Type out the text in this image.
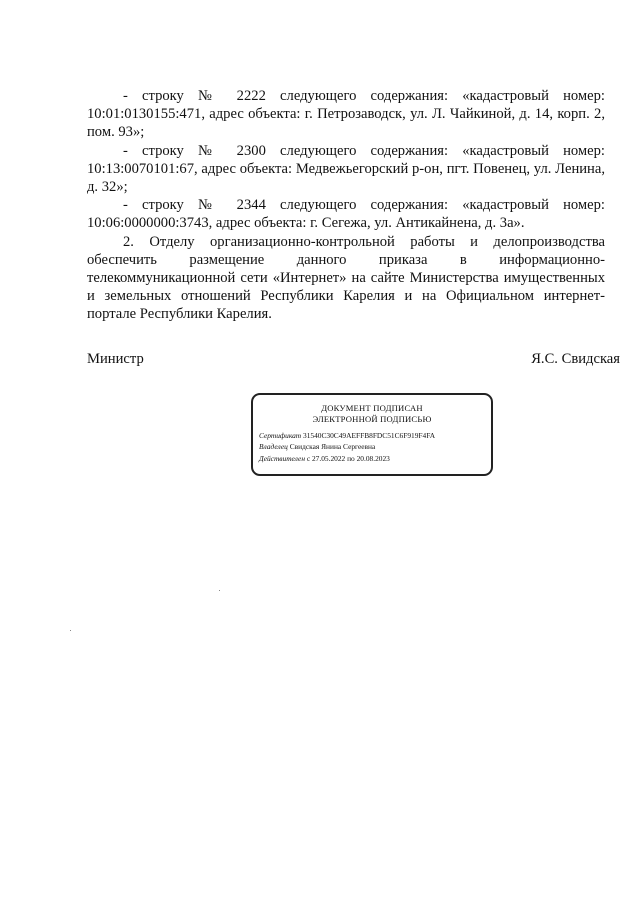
- строку № 2222 следующего содержания: «кадастровый номер: 10:01:0130155:471, адрес объекта: г. Петрозаводск, ул. Л. Чайкиной, д. 14, корп. 2, пом. 93»;

- строку № 2300 следующего содержания: «кадастровый номер: 10:13:0070101:67, адрес объекта: Медвежьегорский р-он, пгт. Повенец, ул. Ленина, д. 32»;

- строку № 2344 следующего содержания: «кадастровый номер: 10:06:0000000:3743, адрес объекта: г. Сегежа, ул. Антикайнена, д. 3а».

2. Отделу организационно-контрольной работы и делопроизводства обеспечить размещение данного приказа в информационно-телекоммуникационной сети «Интернет» на сайте Министерства имущественных и земельных отношений Республики Карелия и на Официальном интернет-портале Республики Карелия.

Министр	Я.С. Свидская
ДОКУМЕНТ ПОДПИСАН
ЭЛЕКТРОННОЙ ПОДПИСЬЮ
Сертификат 31540C30C49AEFFB8FDC51C6F919F4FA
Владелец Свидская Янина Сергеевна
Действителен с 27.05.2022 по 20.08.2023
